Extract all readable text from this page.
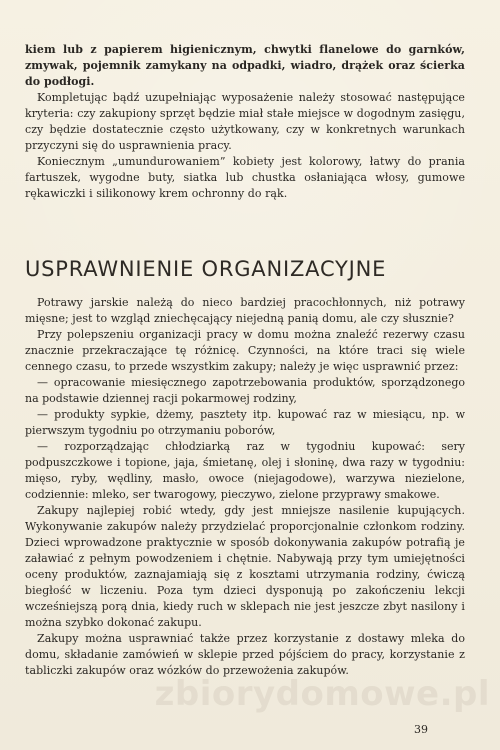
kiem lub z papierem higienicznym, chwytki flanelowe do garnków, zmywak, pojemnik zamykany na odpadki, wiadro, drążek oraz ścierka do podłogi.

Kompletując bądź uzupełniając wyposażenie należy stosować następujące kryteria: czy zakupiony sprzęt będzie miał stałe miejsce w dogodnym zasięgu, czy będzie dostatecznie często użytkowany, czy w konkretnych warunkach przyczyni się do usprawnienia pracy.

Koniecznym „umundurowaniem” kobiety jest kolorowy, łatwy do prania fartuszek, wygodne buty, siatka lub chustka osłaniająca włosy, gumowe rękawiczki i silikonowy krem ochronny do rąk.

USPRAWNIENIE ORGANIZACYJNE

Potrawy jarskie należą do nieco bardziej pracochłonnych, niż potrawy mięsne; jest to wzgląd zniechęcający niejedną panią domu, ale czy słusznie?

Przy polepszeniu organizacji pracy w domu można znaleźć rezerwy czasu znacznie przekraczające tę różnicę. Czynności, na które traci się wiele cennego czasu, to przede wszystkim zakupy; należy je więc usprawnić przez:

— opracowanie miesięcznego zapotrzebowania produktów, sporządzonego na podstawie dziennej racji pokarmowej rodziny,

— produkty sypkie, dżemy, pasztety itp. kupować raz w miesiącu, np. w pierwszym tygodniu po otrzymaniu poborów,

— rozporządzając chłodziarką raz w tygodniu kupować: sery podpuszczkowe i topione, jaja, śmietanę, olej i słoninę, dwa razy w tygodniu: mięso, ryby, wędliny, masło, owoce (niejagodowe), warzywa niezielone, codziennie: mleko, ser twarogowy, pieczywo, zielone przyprawy smakowe.

Zakupy najlepiej robić wtedy, gdy jest mniejsze nasilenie kupujących. Wykonywanie zakupów należy przydzielać proporcjonalnie członkom rodziny. Dzieci wprowadzone praktycznie w sposób dokonywania zakupów potrafią je załawiać z pełnym powodzeniem i chętnie. Nabywają przy tym umiejętności oceny produktów, zaznajamiają się z kosztami utrzymania rodziny, ćwiczą biegłość w liczeniu. Poza tym dzieci dysponują po zakończeniu lekcji wcześniejszą porą dnia, kiedy ruch w sklepach nie jest jeszcze zbyt nasilony i można szybko dokonać zakupu.

Zakupy można usprawniać także przez korzystanie z dostawy mleka do domu, składanie zamówień w sklepie przed pójściem do pracy, korzystanie z tabliczki zakupów oraz wózków do przewożenia zakupów.

zbiorydomowe.pl
39
